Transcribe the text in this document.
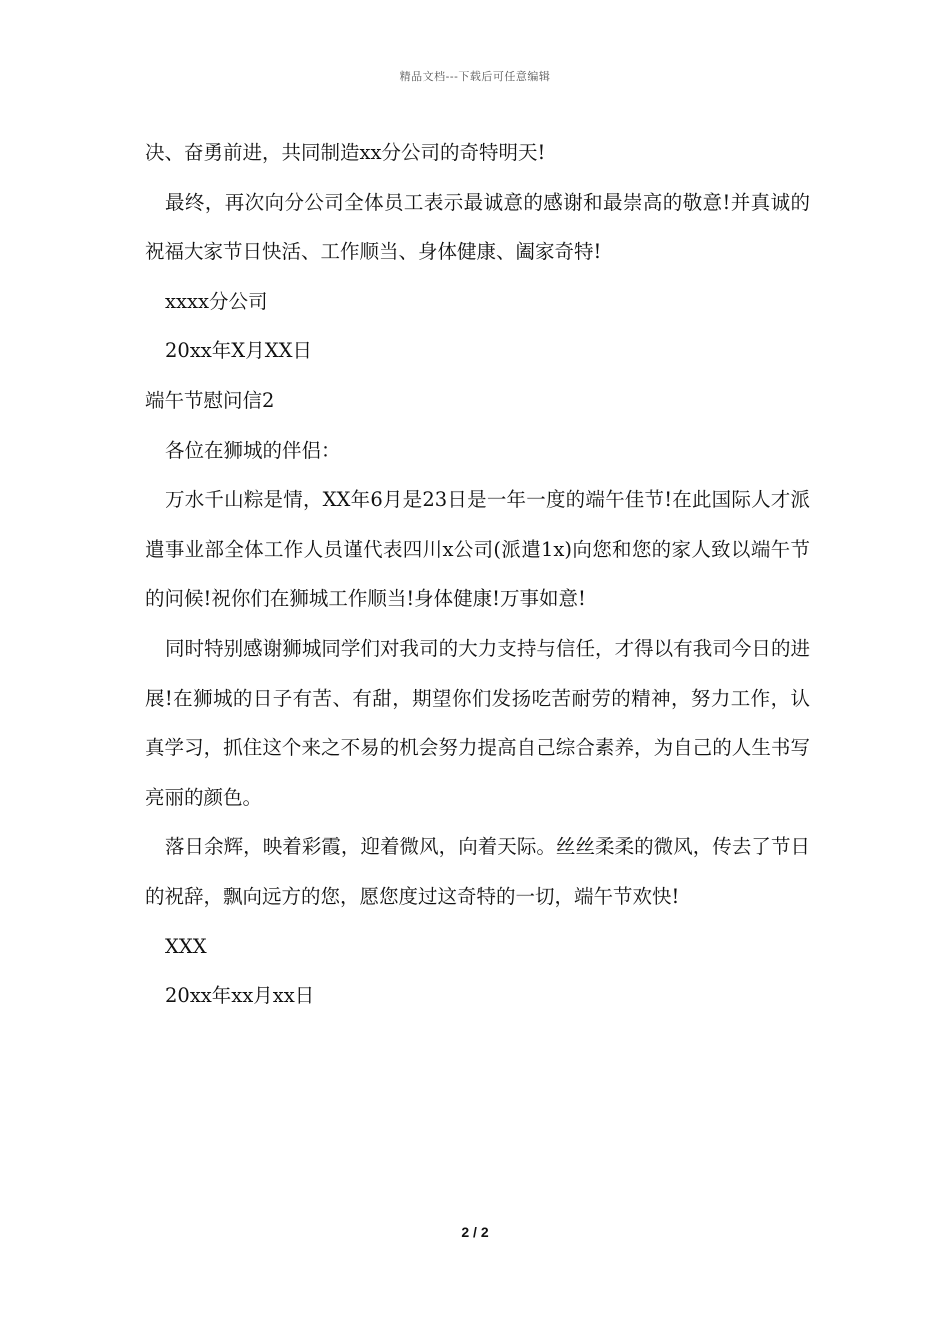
精品文档---下载后可任意编辑

决、奋勇前进，共同制造xx分公司的奇特明天!

最终，再次向分公司全体员工表示最诚意的感谢和最崇高的敬意!并真诚的祝福大家节日快活、工作顺当、身体健康、阖家奇特!

xxxx分公司

20xx年X月XX日

端午节慰问信2

各位在狮城的伴侣：

万水千山粽是情，XX年6月是23日是一年一度的端午佳节!在此国际人才派遣事业部全体工作人员谨代表四川x公司(派遣1x)向您和您的家人致以端午节的问候!祝你们在狮城工作顺当!身体健康!万事如意!

同时特别感谢狮城同学们对我司的大力支持与信任，才得以有我司今日的进展!在狮城的日子有苦、有甜，期望你们发扬吃苦耐劳的精神，努力工作，认真学习，抓住这个来之不易的机会努力提高自己综合素养，为自己的人生书写亮丽的颜色。

落日余辉，映着彩霞，迎着微风，向着天际。丝丝柔柔的微风，传去了节日的祝辞，飘向远方的您，愿您度过这奇特的一切，端午节欢快!

XXX

20xx年xx月xx日

2 / 2
